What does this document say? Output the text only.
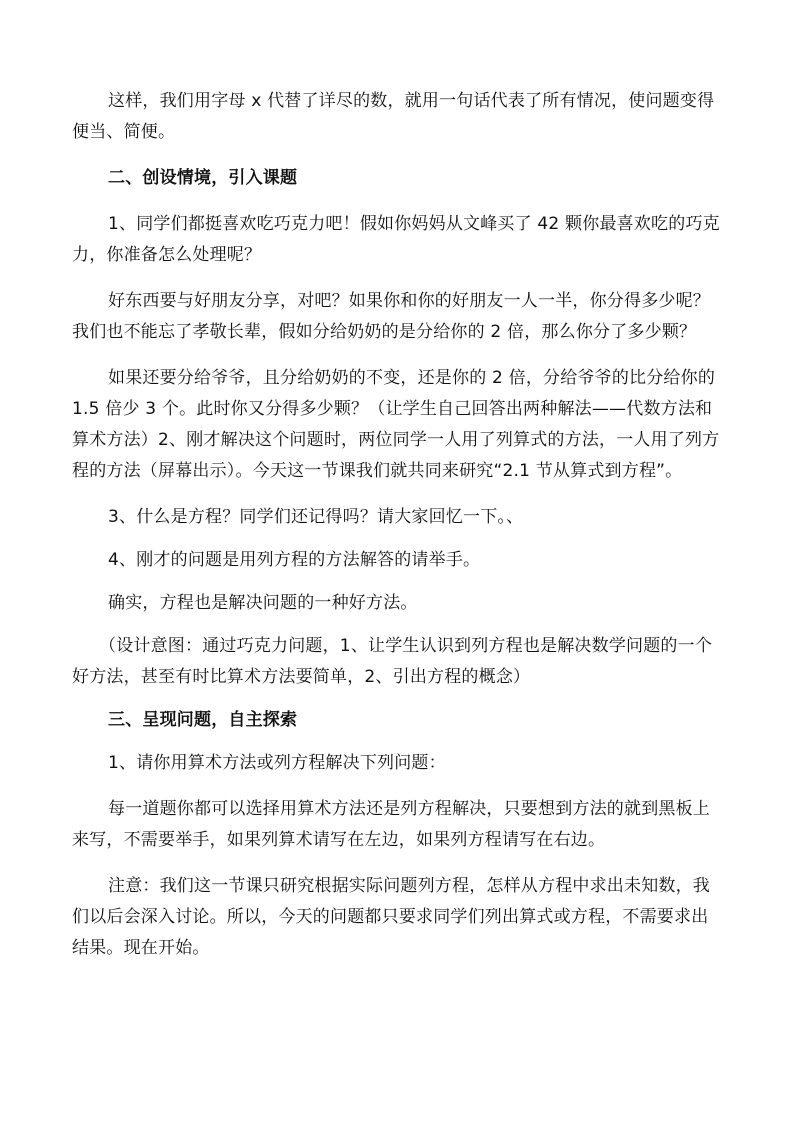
这样，我们用字母 x 代替了详尽的数，就用一句话代表了所有情况，使问题变得便当、简便。

二、创设情境，引入课题

1、同学们都挺喜欢吃巧克力吧！假如你妈妈从文峰买了 42 颗你最喜欢吃的巧克力，你准备怎么处理呢？

好东西要与好朋友分享，对吧？如果你和你的好朋友一人一半，你分得多少呢？我们也不能忘了孝敬长辈，假如分给奶奶的是分给你的 2 倍，那么你分了多少颗？

如果还要分给爷爷，且分给奶奶的不变，还是你的 2 倍，分给爷爷的比分给你的 1.5 倍少 3 个。此时你又分得多少颗？（让学生自己回答出两种解法——代数方法和算术方法）2、刚才解决这个问题时，两位同学一人用了列算式的方法，一人用了列方程的方法（屏幕出示）。今天这一节课我们就共同来研究“2.1 节从算式到方程”。

3、什么是方程？同学们还记得吗？请大家回忆一下。、

4、刚才的问题是用列方程的方法解答的请举手。

确实，方程也是解决问题的一种好方法。

（设计意图：通过巧克力问题，1、让学生认识到列方程也是解决数学问题的一个好方法，甚至有时比算术方法要简单，2、引出方程的概念）

三、呈现问题，自主探索

1、请你用算术方法或列方程解决下列问题：

每一道题你都可以选择用算术方法还是列方程解决，只要想到方法的就到黑板上来写，不需要举手，如果列算术请写在左边，如果列方程请写在右边。

注意：我们这一节课只研究根据实际问题列方程，怎样从方程中求出未知数，我们以后会深入讨论。所以，今天的问题都只要求同学们列出算式或方程，不需要求出结果。现在开始。
